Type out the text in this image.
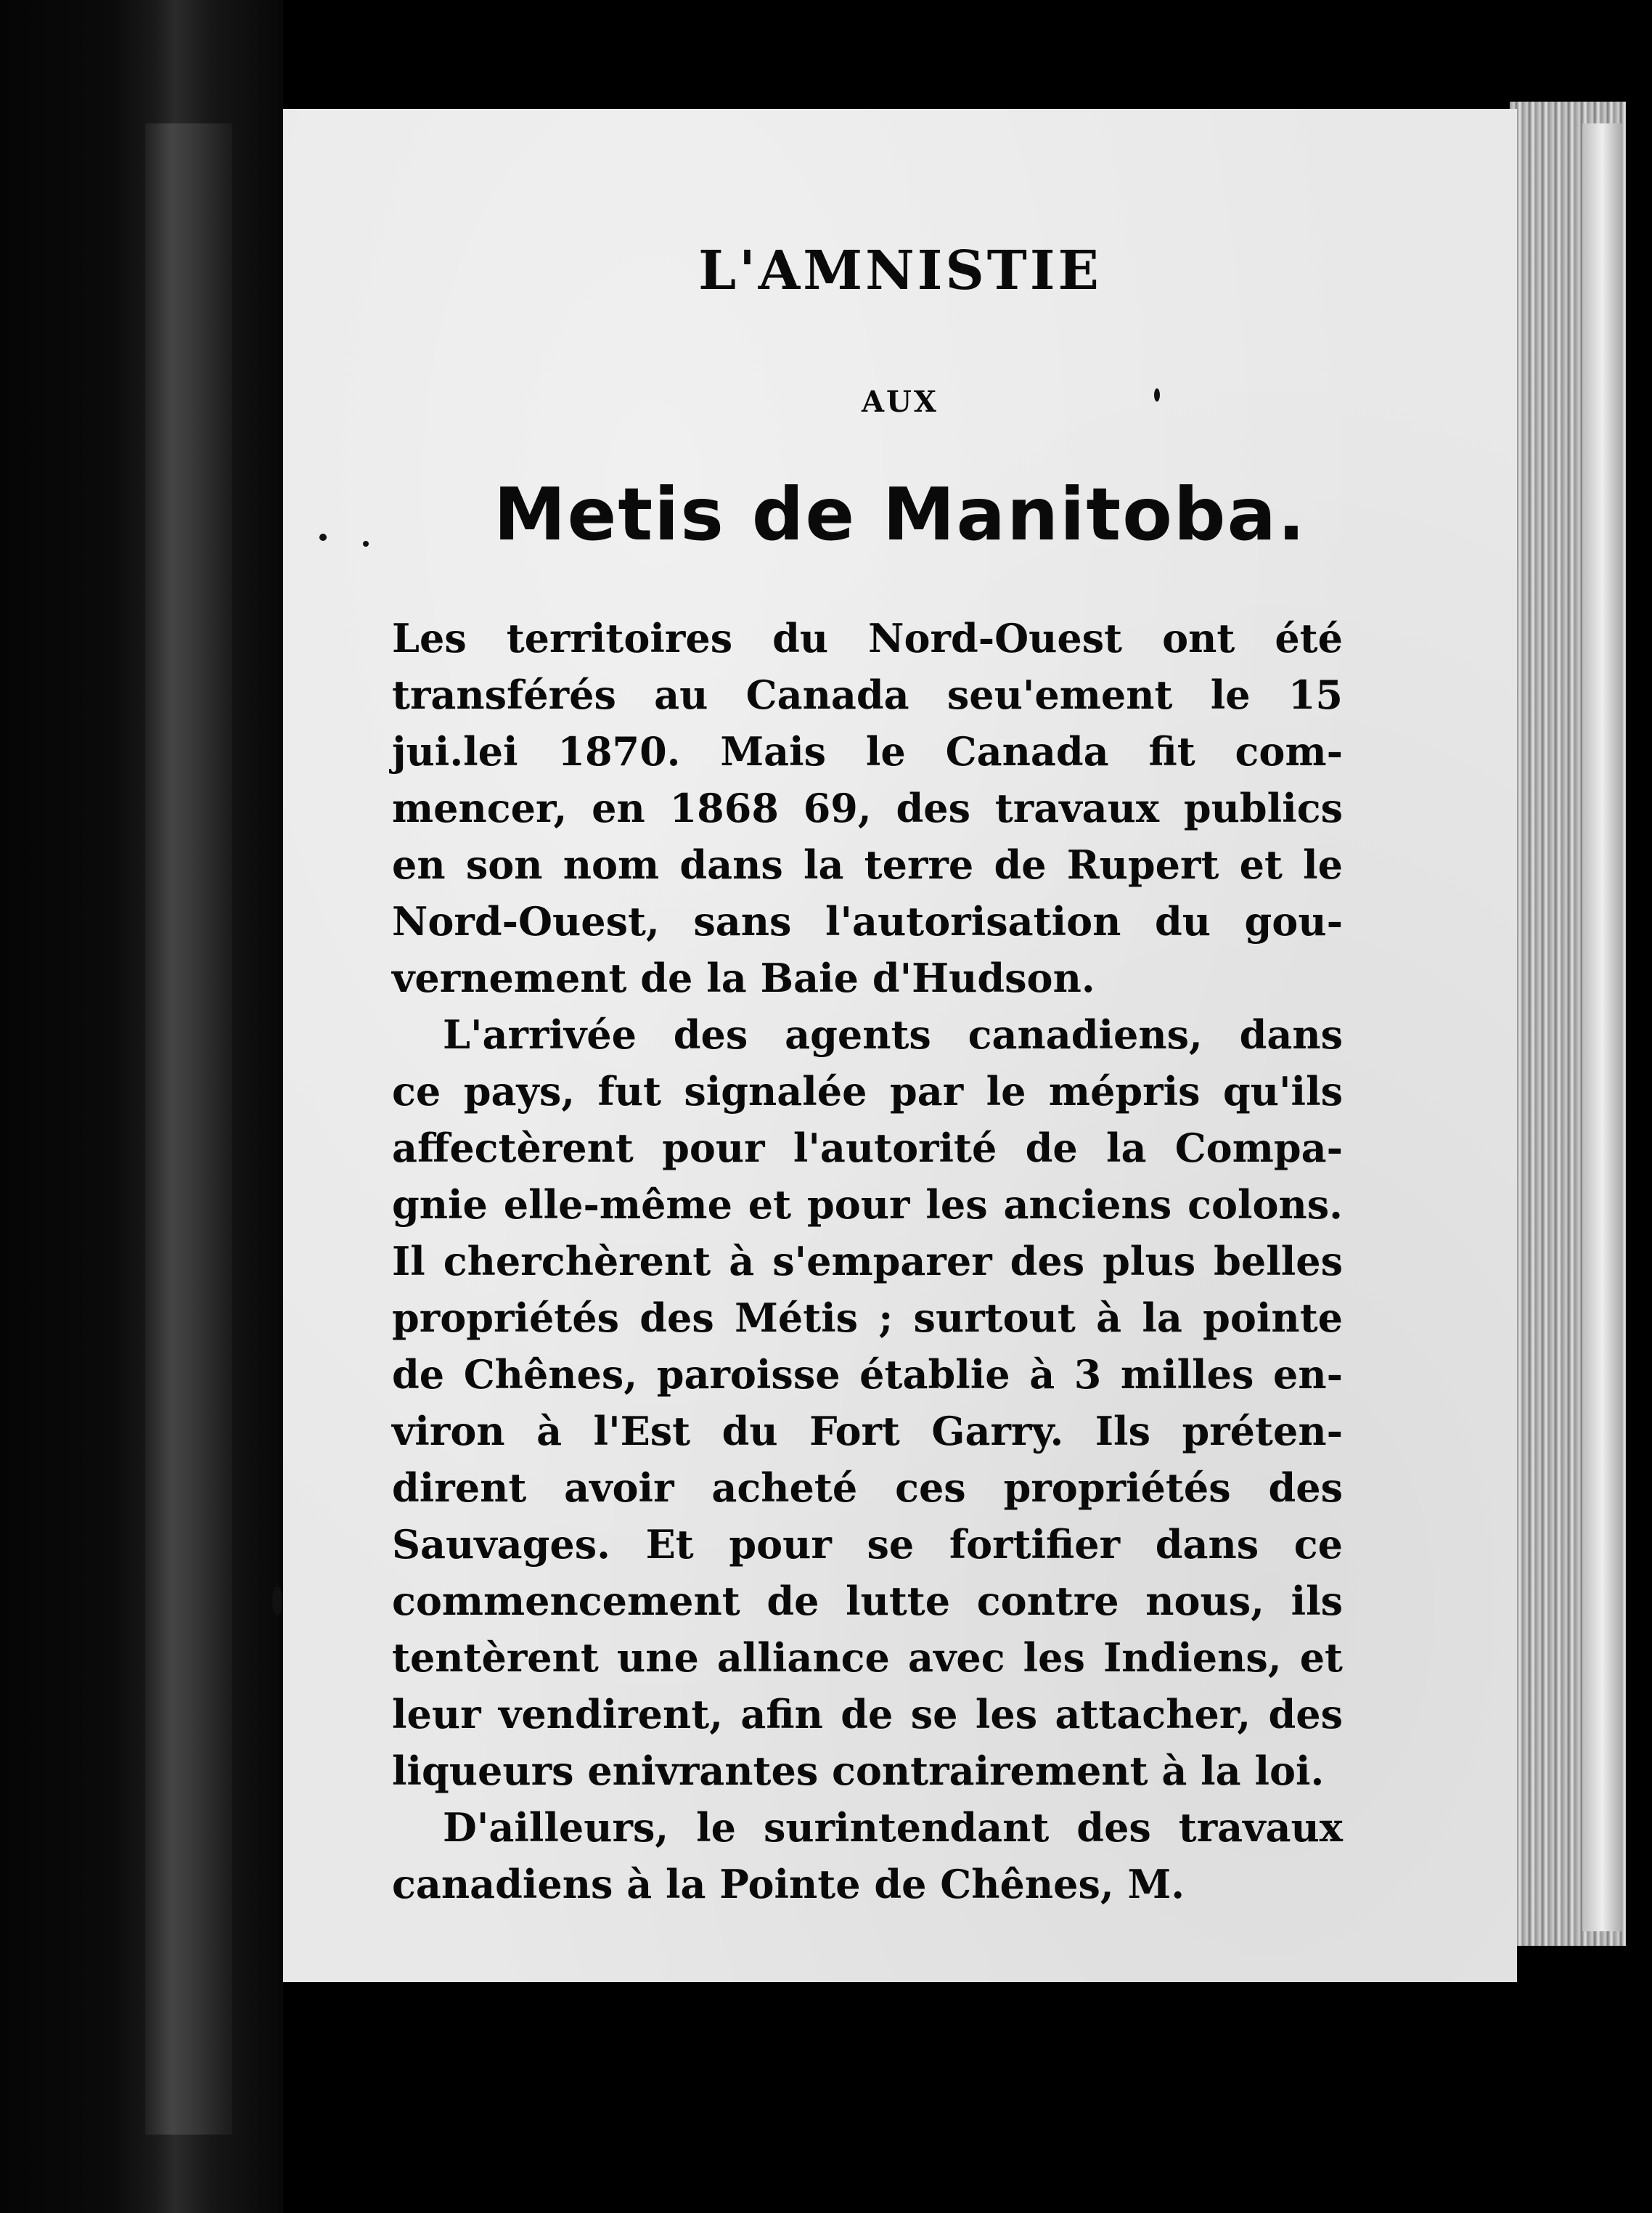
L'AMNISTIE
AUX
Metis de Manitoba.
Les territoires du Nord-Ouest ont été
transférés au Canada seu'ement le 15
jui.lei 1870. Mais le Canada fit com-
mencer, en 1868 69, des travaux publics
en son nom dans la terre de Rupert et le
Nord-Ouest, sans l'autorisation du gou-
vernement de la Baie d'Hudson.
L'arrivée des agents canadiens, dans
ce pays, fut signalée par le mépris qu'ils
affectèrent pour l'autorité de la Compa-
gnie elle-même et pour les anciens colons.
Il cherchèrent à s'emparer des plus belles
propriétés des Métis ; surtout à la pointe
de Chênes, paroisse établie à 3 milles en-
viron à l'Est du Fort Garry. Ils préten-
dirent avoir acheté ces propriétés des
Sauvages. Et pour se fortifier dans ce
commencement de lutte contre nous, ils
tentèrent une alliance avec les Indiens, et
leur vendirent, afin de se les attacher, des
liqueurs enivrantes contrairement à la loi.
D'ailleurs, le surintendant des travaux
canadiens à la Pointe de Chênes, M.
